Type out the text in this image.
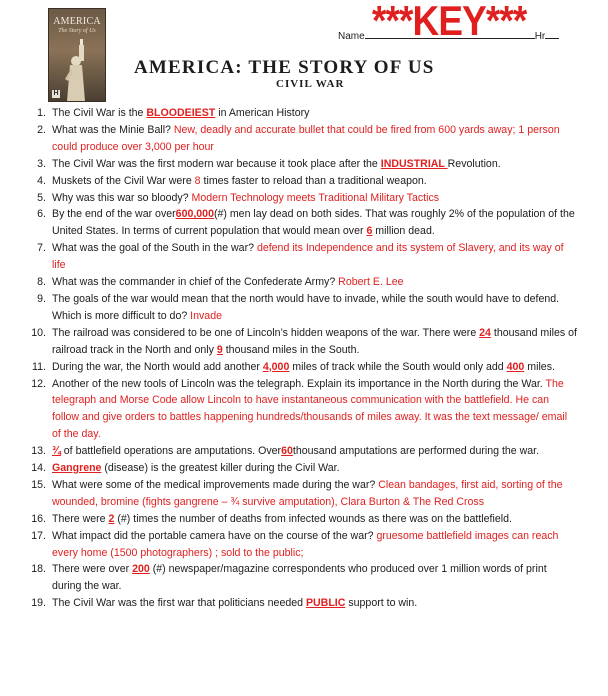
AMERICA
The Story of Us
H
***KEY***
Name	Hr
AMERICA: THE STORY OF US
CIVIL WAR
1. The Civil War is the BLOODEIEST in American History
2. What was the Minie Ball? New, deadly and accurate bullet that could be fired from 600 yards away; 1 person could produce over 3,000 per hour
3. The Civil War was the first modern war because it took place after the INDUSTRIAL Revolution.
4. Muskets of the Civil War were 8 times faster to reload than a traditional weapon.
5. Why was this war so bloody? Modern Technology meets Traditional Military Tactics
6. By the end of the war over600,000(#) men lay dead on both sides. That was roughly 2% of the population of the United States. In terms of current population that would mean over 6 million dead.
7. What was the goal of the South in the war? defend its Independence and its system of Slavery, and its way of life
8. What was the commander in chief of the Confederate Army? Robert E. Lee
9. The goals of the war would mean that the north would have to invade, while the south would have to defend. Which is more difficult to do? Invade
10. The railroad was considered to be one of Lincoln’s hidden weapons of the war. There were 24 thousand miles of railroad track in the North and only 9 thousand miles in the South.
11. During the war, the North would add another 4,000 miles of track while the South would only add 400 miles.
12. Another of the new tools of Lincoln was the telegraph. Explain its importance in the North during the War. The telegraph and Morse Code allow Lincoln to have instantaneous communication with the battlefield. He can follow and give orders to battles happening hundreds/thousands of miles away. It was the text message/ email of the day.
13. ¾ of battlefield operations are amputations. Over60thousand amputations are performed during the war.
14. Gangrene (disease) is the greatest killer during the Civil War.
15. What were some of the medical improvements made during the war? Clean bandages, first aid, sorting of the wounded, bromine (fights gangrene – ¾ survive amputation), Clara Burton & The Red Cross
16. There were 2 (#) times the number of deaths from infected wounds as there was on the battlefield.
17. What impact did the portable camera have on the course of the war? gruesome battlefield images can reach every home (1500 photographers) ; sold to the public;
18. There were over 200 (#) newspaper/magazine correspondents who produced over 1 million words of print during the war.
19. The Civil War was the first war that politicians needed PUBLIC support to win.
